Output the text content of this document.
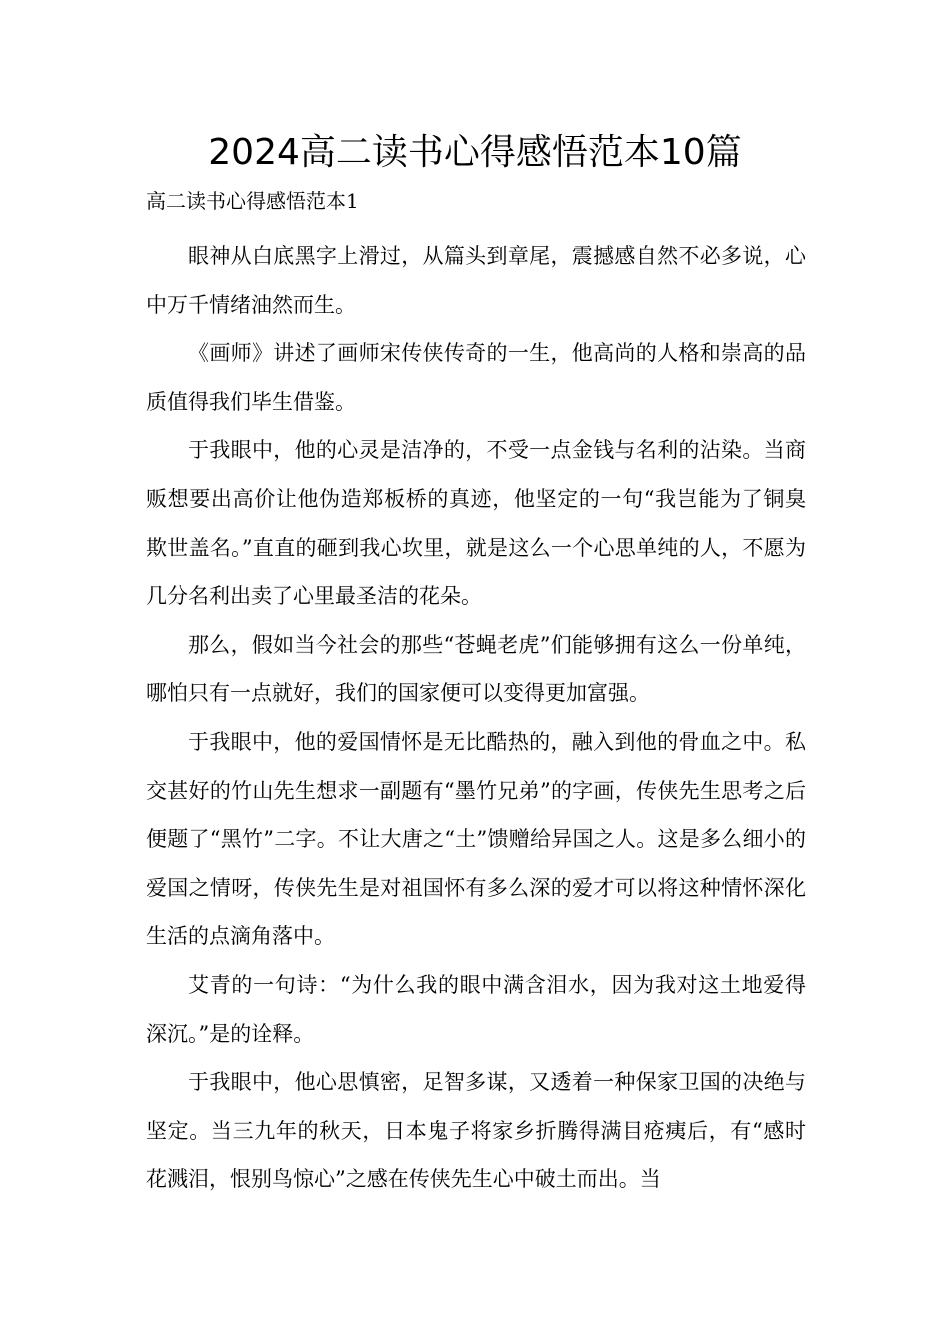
2024高二读书心得感悟范本10篇
高二读书心得感悟范本1

眼神从白底黑字上滑过，从篇头到章尾，震撼感自然不必多说，心中万千情绪油然而生。

《画师》讲述了画师宋传侠传奇的一生，他高尚的人格和崇高的品质值得我们毕生借鉴。

于我眼中，他的心灵是洁净的，不受一点金钱与名利的沾染。当商贩想要出高价让他伪造郑板桥的真迹，他坚定的一句“我岂能为了铜臭欺世盖名。”直直的砸到我心坎里，就是这么一个心思单纯的人，不愿为几分名利出卖了心里最圣洁的花朵。

那么，假如当今社会的那些“苍蝇老虎”们能够拥有这么一份单纯，哪怕只有一点就好，我们的国家便可以变得更加富强。

于我眼中，他的爱国情怀是无比酷热的，融入到他的骨血之中。私交甚好的竹山先生想求一副题有“墨竹兄弟”的字画，传侠先生思考之后便题了“黑竹”二字。不让大唐之“土”馈赠给异国之人。这是多么细小的爱国之情呀，传侠先生是对祖国怀有多么深的爱才可以将这种情怀深化生活的点滴角落中。

艾青的一句诗：“为什么我的眼中满含泪水，因为我对这土地爱得深沉。”是的诠释。

于我眼中，他心思慎密，足智多谋，又透着一种保家卫国的决绝与坚定。当三九年的秋天，日本鬼子将家乡折腾得满目疮痍后，有“感时花溅泪，恨别鸟惊心”之感在传侠先生心中破土而出。当
